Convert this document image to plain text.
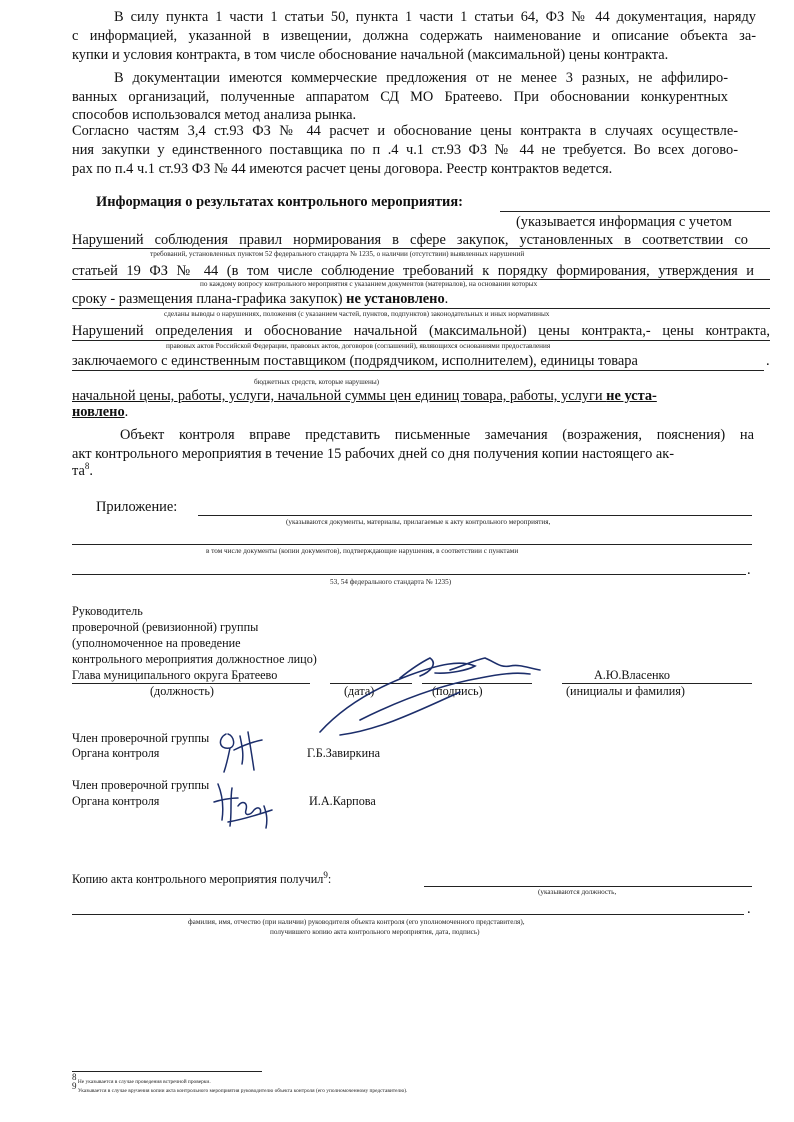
В силу пункта 1 части 1 статьи 50, пункта 1 части 1 статьи 64, ФЗ № 44 документация, наряду
с информацией, указанной в извещении, должна содержать наименование и описание объекта за-
купки и условия контракта, в том числе обоснование начальной (максимальной) цены контракта.
В документации имеются коммерческие предложения от не менее 3 разных, не аффилиро-
ванных организаций, полученные аппаратом СД МО Братеево. При обосновании конкурентных
способов использовался метод анализа рынка.
Согласно частям 3,4 ст.93 ФЗ № 44 расчет и обоснование цены контракта в случаях осуществле-
ния закупки у единственного поставщика по п .4 ч.1 ст.93 ФЗ № 44 не требуется. Во всех догово-
рах по п.4 ч.1 ст.93 ФЗ № 44 имеются расчет цены договора. Реестр контрактов ведется.
Информация о результатах контрольного мероприятия:
(указывается информация с учетом
Нарушений соблюдения правил нормирования в сфере закупок, установленных в соответствии со
требований, установленных пунктом 52 федерального стандарта № 1235, о наличии (отсутствии) выявленных нарушений
статьей 19 ФЗ № 44 (в том числе соблюдение требований к порядку формирования, утверждения и
по каждому вопросу контрольного мероприятия с указанием документов (материалов), на основании которых
сроку - размещения плана-графика закупок) не установлено.
сделаны выводы о нарушениях, положения (с указанием частей, пунктов, подпунктов) законодательных и иных нормативных
Нарушений определения и обоснование начальной (максимальной) цены контракта,- цены контракта,
правовых актов Российской Федерации, правовых актов, договоров (соглашений), являющихся основаниями предоставления
заключаемого с единственным поставщиком (подрядчиком, исполнителем), единицы товара	.
бюджетных средств, которые нарушены)
начальной цены, работы, услуги, начальной суммы цен единиц товара, работы, услуги не уста-
новлено.
Объект контроля вправе представить письменные замечания (возражения, пояснения) на
акт контрольного мероприятия в течение 15 рабочих дней со дня получения копии настоящего ак-
$та^8$.
Приложение:
(указываются документы, материалы, прилагаемые к акту контрольного мероприятия,
в том числе документы (копии документов), подтверждающие нарушения, в соответствии с пунктами
.
53, 54 федерального стандарта № 1235)
Руководитель
проверочной (ревизионной) группы
(уполномоченное на проведение
контрольного мероприятия должностное лицо)
Глава муниципального округа Братеево	А.Ю.Власенко
(должность)	(дата)	(подпись)	(инициалы и фамилия)
Член проверочной группы
Органа контроля	Г.Б.Завиркина
Член проверочной группы
Органа контроля	И.А.Карпова
Копию акта контрольного мероприятия получил$^9$:
(указываются должность,
.
фамилия, имя, отчество (при наличии) руководителя объекта контроля (его уполномоченного представителя),
получившего копию акта контрольного мероприятия, дата, подпись)
$^8$ Не указывается в случае проведения встречной проверки.
$^9$ Указывается в случае вручения копии акта контрольного мероприятия руководителю объекта контроля (его уполномоченному представителю).
